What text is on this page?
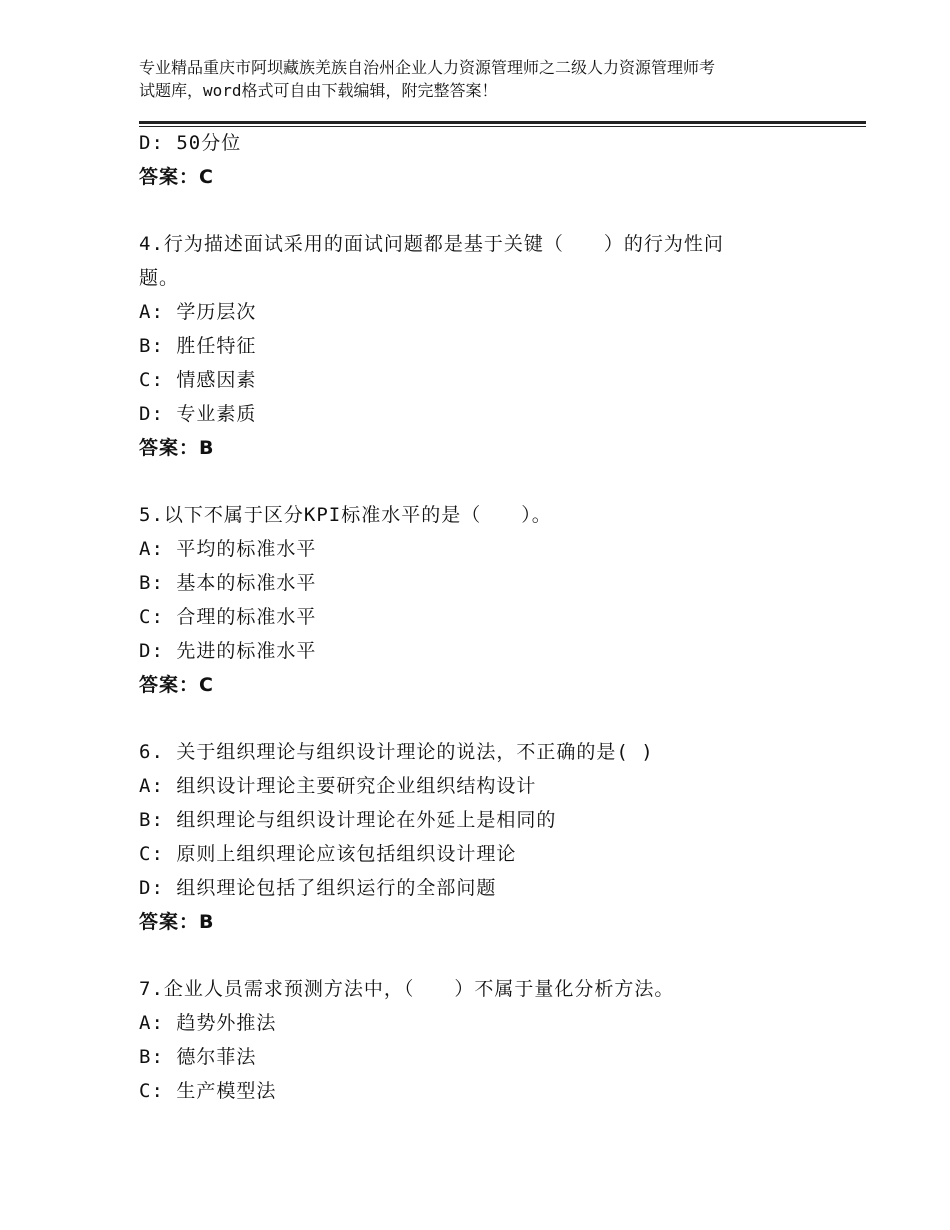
专业精品重庆市阿坝藏族羌族自治州企业人力资源管理师之二级人力资源管理师考
试题库，word格式可自由下载编辑，附完整答案！
D: 50分位
答案：C
4.行为描述面试采用的面试问题都是基于关键（　　）的行为性问
题。
A: 学历层次
B: 胜任特征
C: 情感因素
D: 专业素质
答案：B
5.以下不属于区分KPI标准水平的是（　　）。
A: 平均的标准水平
B: 基本的标准水平
C: 合理的标准水平
D: 先进的标准水平
答案：C
6. 关于组织理论与组织设计理论的说法，不正确的是( )
A: 组织设计理论主要研究企业组织结构设计
B: 组织理论与组织设计理论在外延上是相同的
C: 原则上组织理论应该包括组织设计理论
D: 组织理论包括了组织运行的全部问题
答案：B
7.企业人员需求预测方法中，（　　）不属于量化分析方法。
A: 趋势外推法
B: 德尔菲法
C: 生产模型法
